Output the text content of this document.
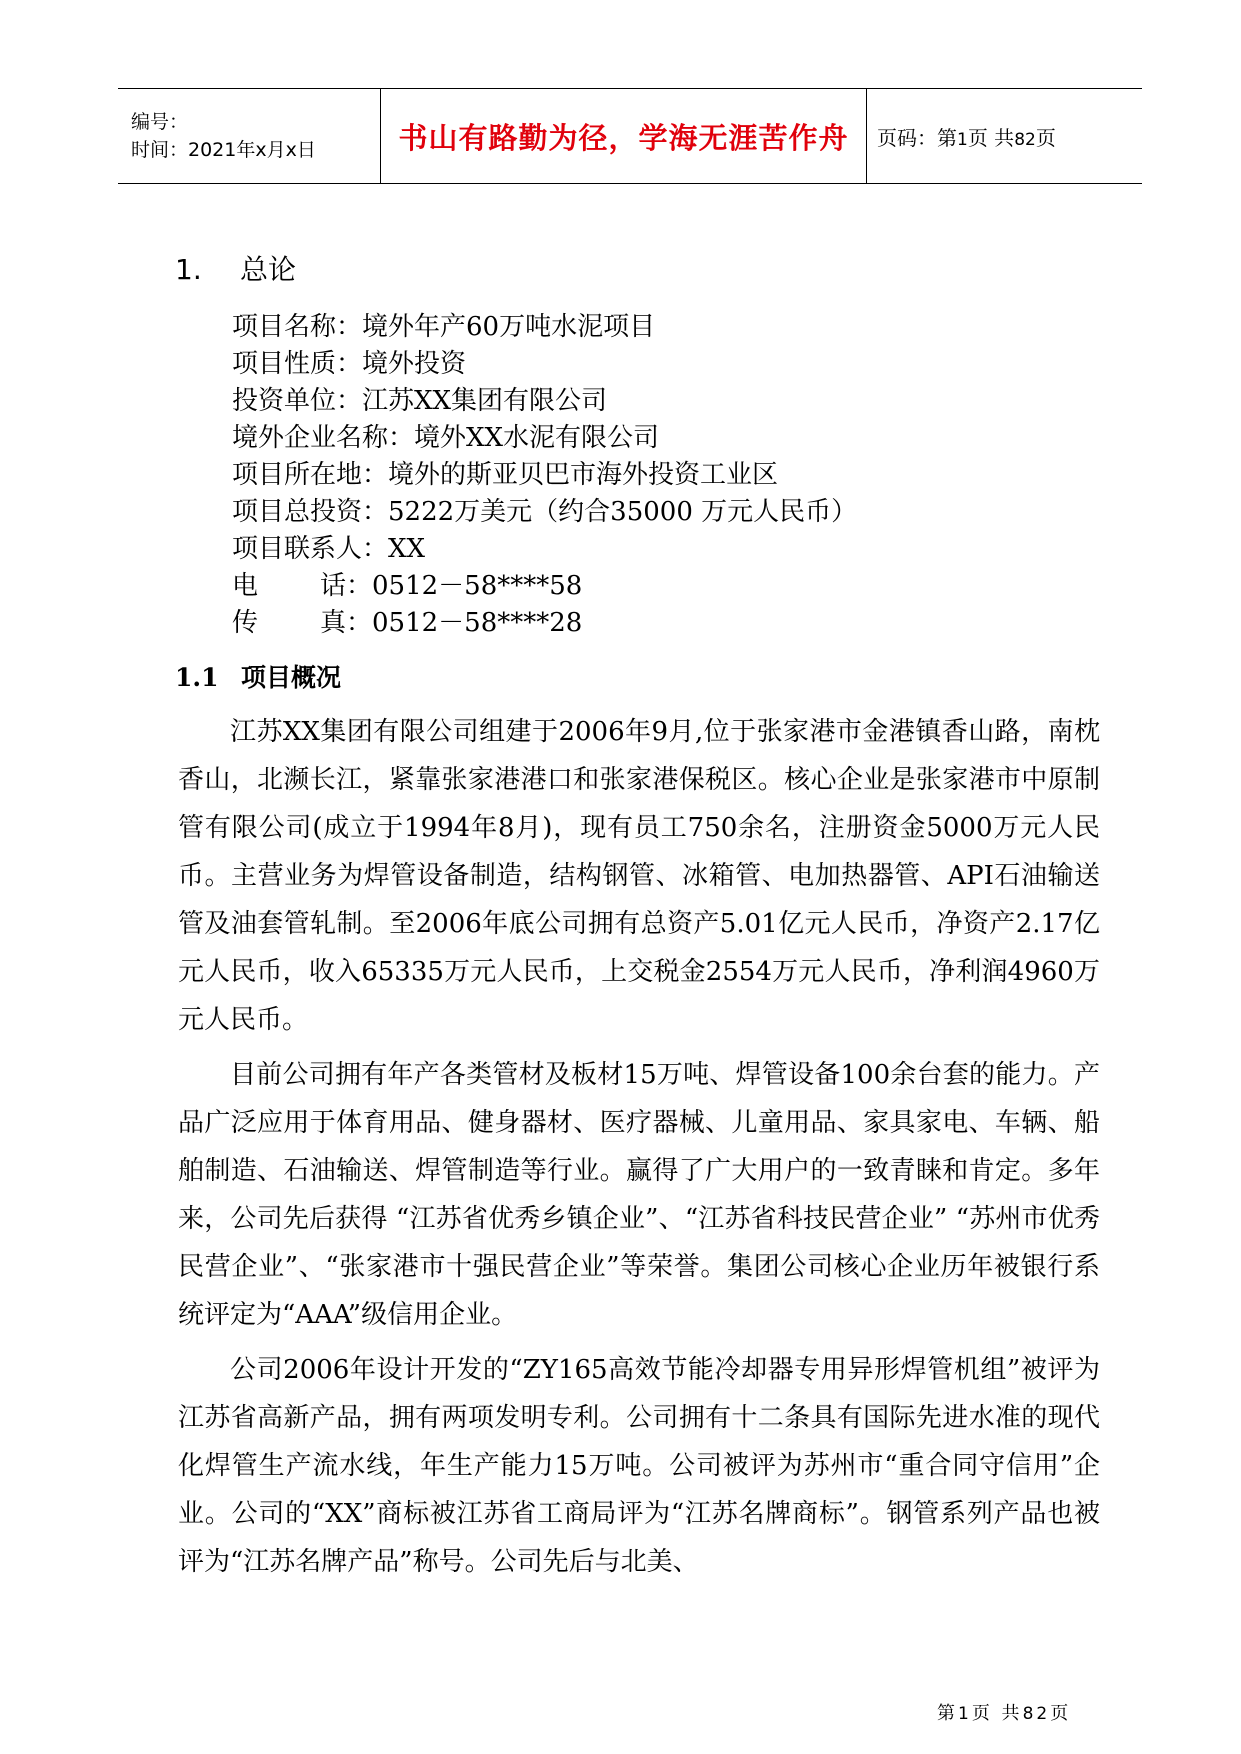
编号：
时间：2021年x月x日	书山有路勤为径，学海无涯苦作舟 页码：第1页 共82页
1. 总论
项目名称：境外年产60万吨水泥项目
项目性质：境外投资
投资单位：江苏XX集团有限公司
境外企业名称：境外XX水泥有限公司
项目所在地：境外的斯亚贝巴市海外投资工业区
项目总投资：5222万美元（约合35000 万元人民币）
项目联系人：XX
电 话：0512－58****58
传 真：0512－58****28
1.1 项目概况

江苏XX集团有限公司组建于2006年9月,位于张家港市金港镇香山路，南枕香山，北濒长江，紧靠张家港港口和张家港保税区。核心企业是张家港市中原制管有限公司(成立于1994年8月)，现有员工750余名，注册资金5000万元人民币。主营业务为焊管设备制造，结构钢管、冰箱管、电加热器管、API石油输送管及油套管轧制。至2006年底公司拥有总资产5.01亿元人民币，净资产2.17亿元人民币，收入65335万元人民币，上交税金2554万元人民币，净利润4960万元人民币。

目前公司拥有年产各类管材及板材15万吨、焊管设备100余台套的能力。产品广泛应用于体育用品、健身器材、医疗器械、儿童用品、家具家电、车辆、船舶制造、石油输送、焊管制造等行业。赢得了广大用户的一致青睐和肯定。多年来，公司先后获得 “江苏省优秀乡镇企业”、“江苏省科技民营企业” “苏州市优秀民营企业”、“张家港市十强民营企业”等荣誉。集团公司核心企业历年被银行系统评定为“AAA”级信用企业。

公司2006年设计开发的“ZY165高效节能冷却器专用异形焊管机组”被评为江苏省高新产品，拥有两项发明专利。公司拥有十二条具有国际先进水准的现代化焊管生产流水线，年生产能力15万吨。公司被评为苏州市“重合同守信用”企业。公司的“XX”商标被江苏省工商局评为“江苏名牌商标”。钢管系列产品也被评为“江苏名牌产品”称号。公司先后与北美、

第1页 共82页
